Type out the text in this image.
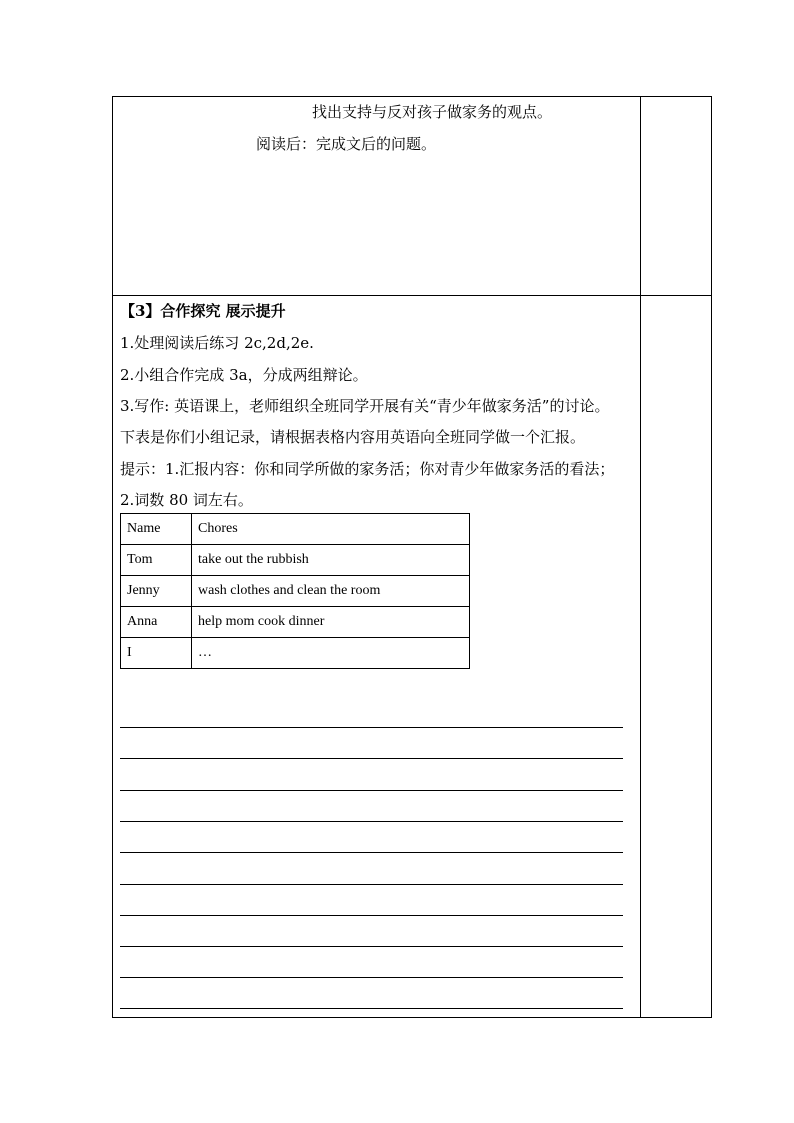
找出支持与反对孩子做家务的观点。
阅读后：完成文后的问题。
【3】合作探究 展示提升
1.处理阅读后练习 2c,2d,2e.
2.小组合作完成 3a，分成两组辩论。
3.写作: 英语课上，老师组织全班同学开展有关“青少年做家务活”的讨论。
下表是你们小组记录，请根据表格内容用英语向全班同学做一个汇报。
提示：1.汇报内容：你和同学所做的家务活；你对青少年做家务活的看法；
2.词数 80 词左右。
Name	Chores
Tom	take out the rubbish
Jenny	wash clothes and clean the room
Anna	help mom cook dinner
I	…
